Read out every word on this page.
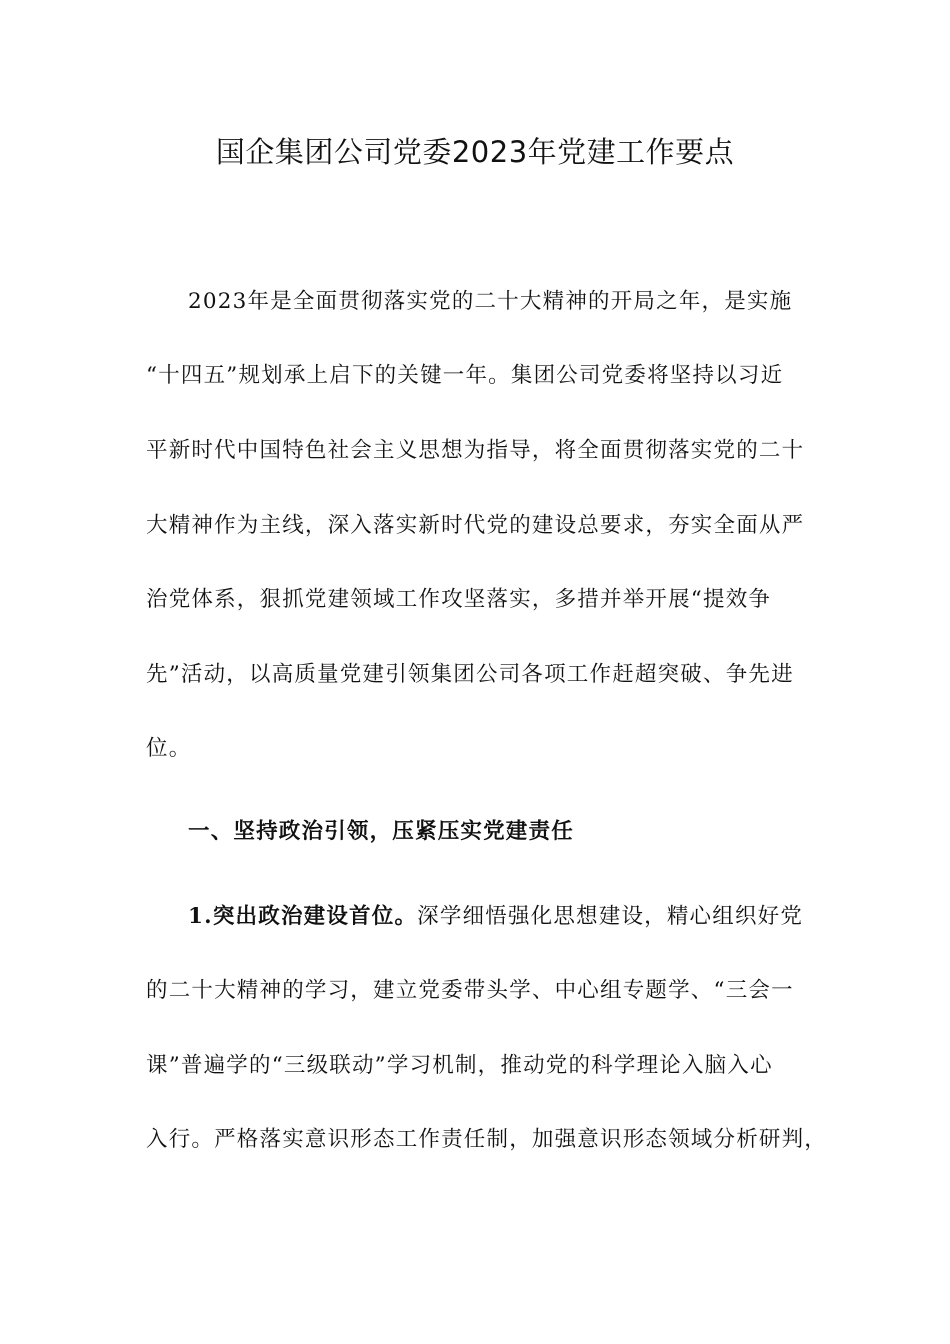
国企集团公司党委2023年党建工作要点
2023年是全面贯彻落实党的二十大精神的开局之年，是实施
“十四五”规划承上启下的关键一年。集团公司党委将坚持以习近
平新时代中国特色社会主义思想为指导，将全面贯彻落实党的二十
大精神作为主线，深入落实新时代党的建设总要求，夯实全面从严
治党体系，狠抓党建领域工作攻坚落实，多措并举开展“提效争
先”活动，以高质量党建引领集团公司各项工作赶超突破、争先进
位。
一、坚持政治引领，压紧压实党建责任
1.突出政治建设首位。深学细悟强化思想建设，精心组织好党
的二十大精神的学习，建立党委带头学、中心组专题学、“三会一
课”普遍学的“三级联动”学习机制，推动党的科学理论入脑入心
入行。严格落实意识形态工作责任制，加强意识形态领域分析研判，
